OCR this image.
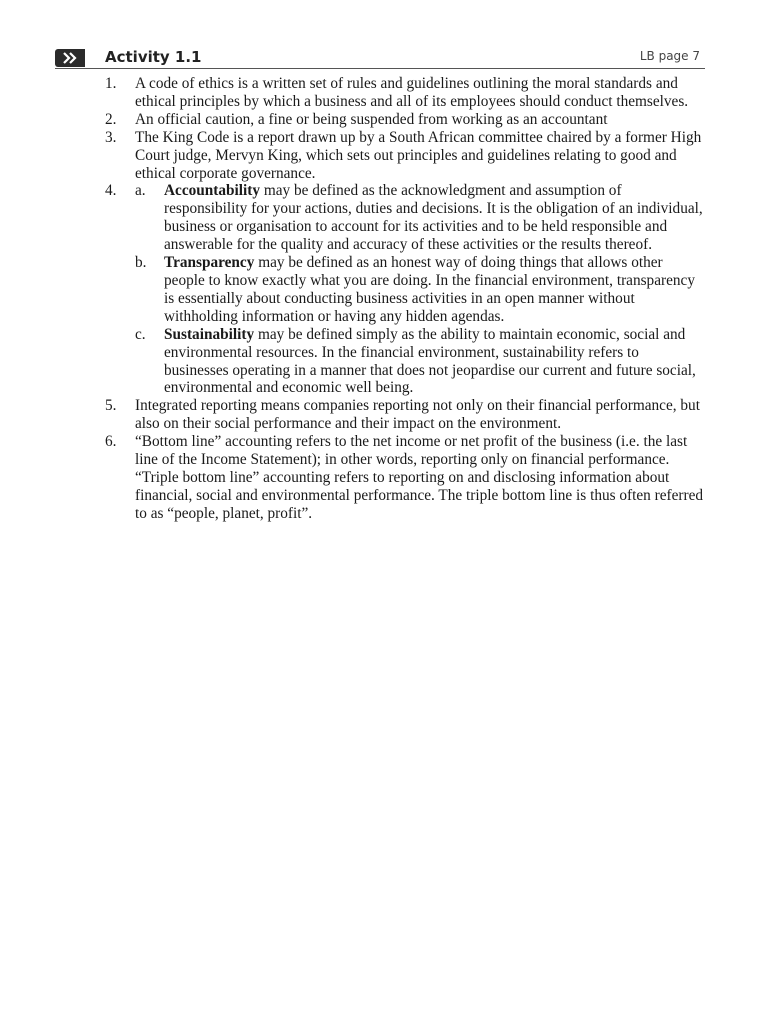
Activity 1.1	LB page 7
1. A code of ethics is a written set of rules and guidelines outlining the moral standards and ethical principles by which a business and all of its employees should conduct themselves.
2. An official caution, a fine or being suspended from working as an accountant
3. The King Code is a report drawn up by a South African committee chaired by a former High Court judge, Mervyn King, which sets out principles and guidelines relating to good and ethical corporate governance.
4. a. Accountability may be defined as the acknowledgment and assumption of responsibility for your actions, duties and decisions. It is the obligation of an individual, business or organisation to account for its activities and to be held responsible and answerable for the quality and accuracy of these activities or the results thereof.
b. Transparency may be defined as an honest way of doing things that allows other people to know exactly what you are doing. In the financial environment, transparency is essentially about conducting business activities in an open manner without withholding information or having any hidden agendas.
c. Sustainability may be defined simply as the ability to maintain economic, social and environmental resources. In the financial environment, sustainability refers to businesses operating in a manner that does not jeopardise our current and future social, environmental and economic well being.
5. Integrated reporting means companies reporting not only on their financial performance, but also on their social performance and their impact on the environment.
6. “Bottom line” accounting refers to the net income or net profit of the business (i.e. the last line of the Income Statement); in other words, reporting only on financial performance.
“Triple bottom line” accounting refers to reporting on and disclosing information about financial, social and environmental performance. The triple bottom line is thus often referred to as “people, planet, profit”.
